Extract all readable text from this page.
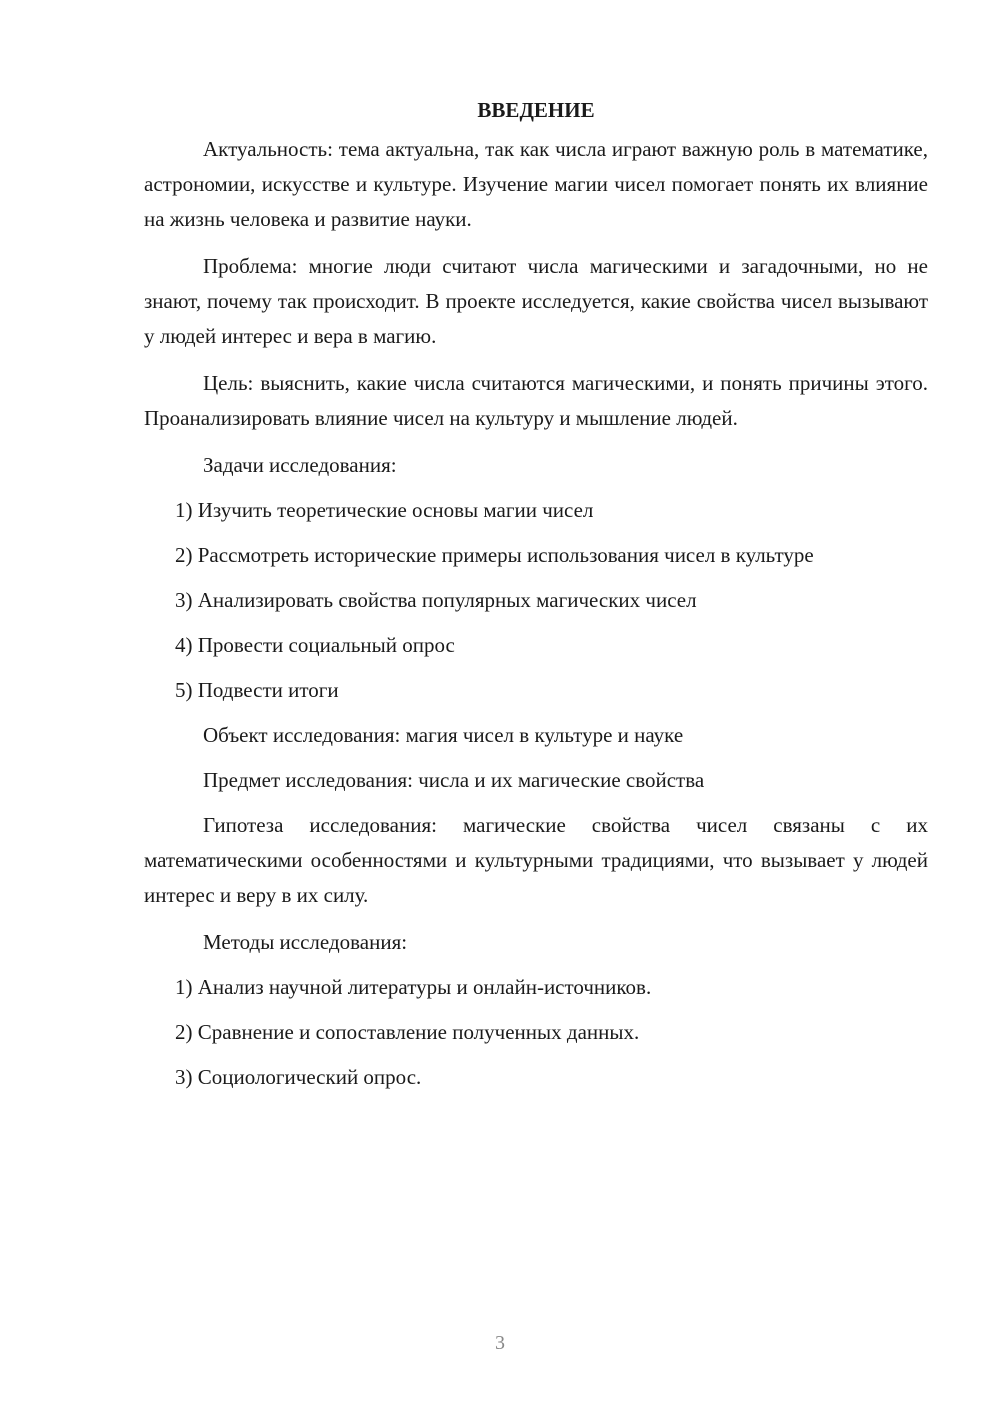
ВВЕДЕНИЕ

Актуальность: тема актуальна, так как числа играют важную роль в математике, астрономии, искусстве и культуре. Изучение магии чисел помогает понять их влияние на жизнь человека и развитие науки.

Проблема: многие люди считают числа магическими и загадочными, но не знают, почему так происходит. В проекте исследуется, какие свойства чисел вызывают у людей интерес и вера в магию.

Цель: выяснить, какие числа считаются магическими, и понять причины этого. Проанализировать влияние чисел на культуру и мышление людей.

Задачи исследования:
1) Изучить теоретические основы магии чисел
2) Рассмотреть исторические примеры использования чисел в культуре
3) Анализировать свойства популярных магических чисел
4) Провести социальный опрос
5) Подвести итоги
Объект исследования: магия чисел в культуре и науке
Предмет исследования: числа и их магические свойства

Гипотеза исследования: магические свойства чисел связаны с их математическими особенностями и культурными традициями, что вызывает у людей интерес и веру в их силу.

Методы исследования:
1) Анализ научной литературы и онлайн-источников.
2) Сравнение и сопоставление полученных данных.
3) Социологический опрос.
3
